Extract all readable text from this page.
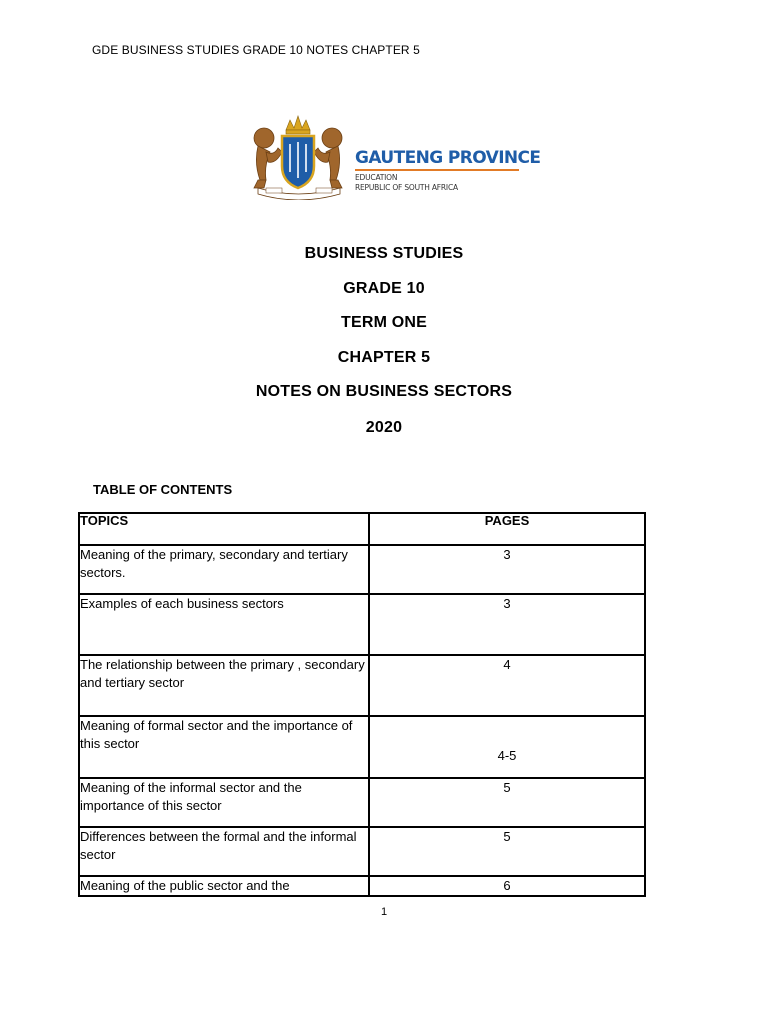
GDE BUSINESS STUDIES GRADE 10 NOTES CHAPTER 5
GAUTENG PROVINCE
EDUCATION
REPUBLIC OF SOUTH AFRICA
BUSINESS STUDIES
GRADE 10
TERM ONE
CHAPTER 5
NOTES ON BUSINESS SECTORS
2020
TABLE OF CONTENTS
TOPICS	PAGES
Meaning of the primary, secondary and tertiary sectors.	3
Examples of each business sectors	3
The relationship between the primary , secondary and tertiary sector	4
Meaning of formal sector and the importance of this sector	4-5
Meaning of the informal sector and the importance of this sector	5
Differences between the formal and the informal sector	5
Meaning of the public sector and the	6
1
